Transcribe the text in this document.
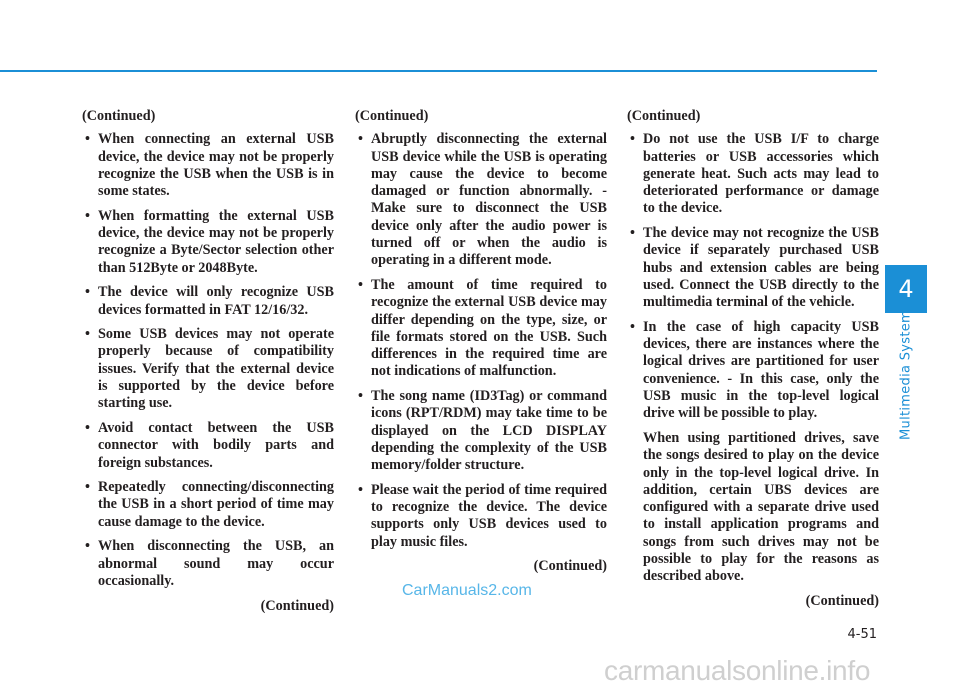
(Continued)
• When connecting an external USB device, the device may not be properly recognize the USB when the USB is in some states.
• When formatting the external USB device, the device may not be properly recognize a Byte/Sector selection other than 512Byte or 2048Byte.
• The device will only recognize USB devices formatted in FAT 12/16/32.
• Some USB devices may not operate properly because of compatibility issues. Verify that the external device is supported by the device before starting use.
• Avoid contact between the USB connector with bodily parts and foreign substances.
• Repeatedly connecting/disconnecting the USB in a short period of time may cause damage to the device.
• When disconnecting the USB, an abnormal sound may occur occasionally.
(Continued)
(Continued)
• Abruptly disconnecting the external USB device while the USB is operating may cause the device to become damaged or function abnormally. - Make sure to disconnect the USB device only after the audio power is turned off or when the audio is operating in a different mode.
• The amount of time required to recognize the external USB device may differ depending on the type, size, or file formats stored on the USB. Such differences in the required time are not indications of malfunction.
• The song name (ID3Tag) or command icons (RPT/RDM) may take time to be displayed on the LCD DISPLAY depending the complexity of the USB memory/folder structure.
• Please wait the period of time required to recognize the device. The device supports only USB devices used to play music files.
(Continued)
(Continued)
• Do not use the USB I/F to charge batteries or USB accessories which generate heat. Such acts may lead to deteriorated performance or damage to the device.
• The device may not recognize the USB device if separately purchased USB hubs and extension cables are being used. Connect the USB directly to the multimedia terminal of the vehicle.
• In the case of high capacity USB devices, there are instances where the logical drives are partitioned for user convenience. - In this case, only the USB music in the top-level logical drive will be possible to play.
When using partitioned drives, save the songs desired to play on the device only in the top-level logical drive. In addition, certain UBS devices are configured with a separate drive used to install application programs and songs from such drives may not be possible to play for the reasons as described above.
(Continued)
4
Multimedia System
4-51
CarManuals2.com
carmanualsonline.info
